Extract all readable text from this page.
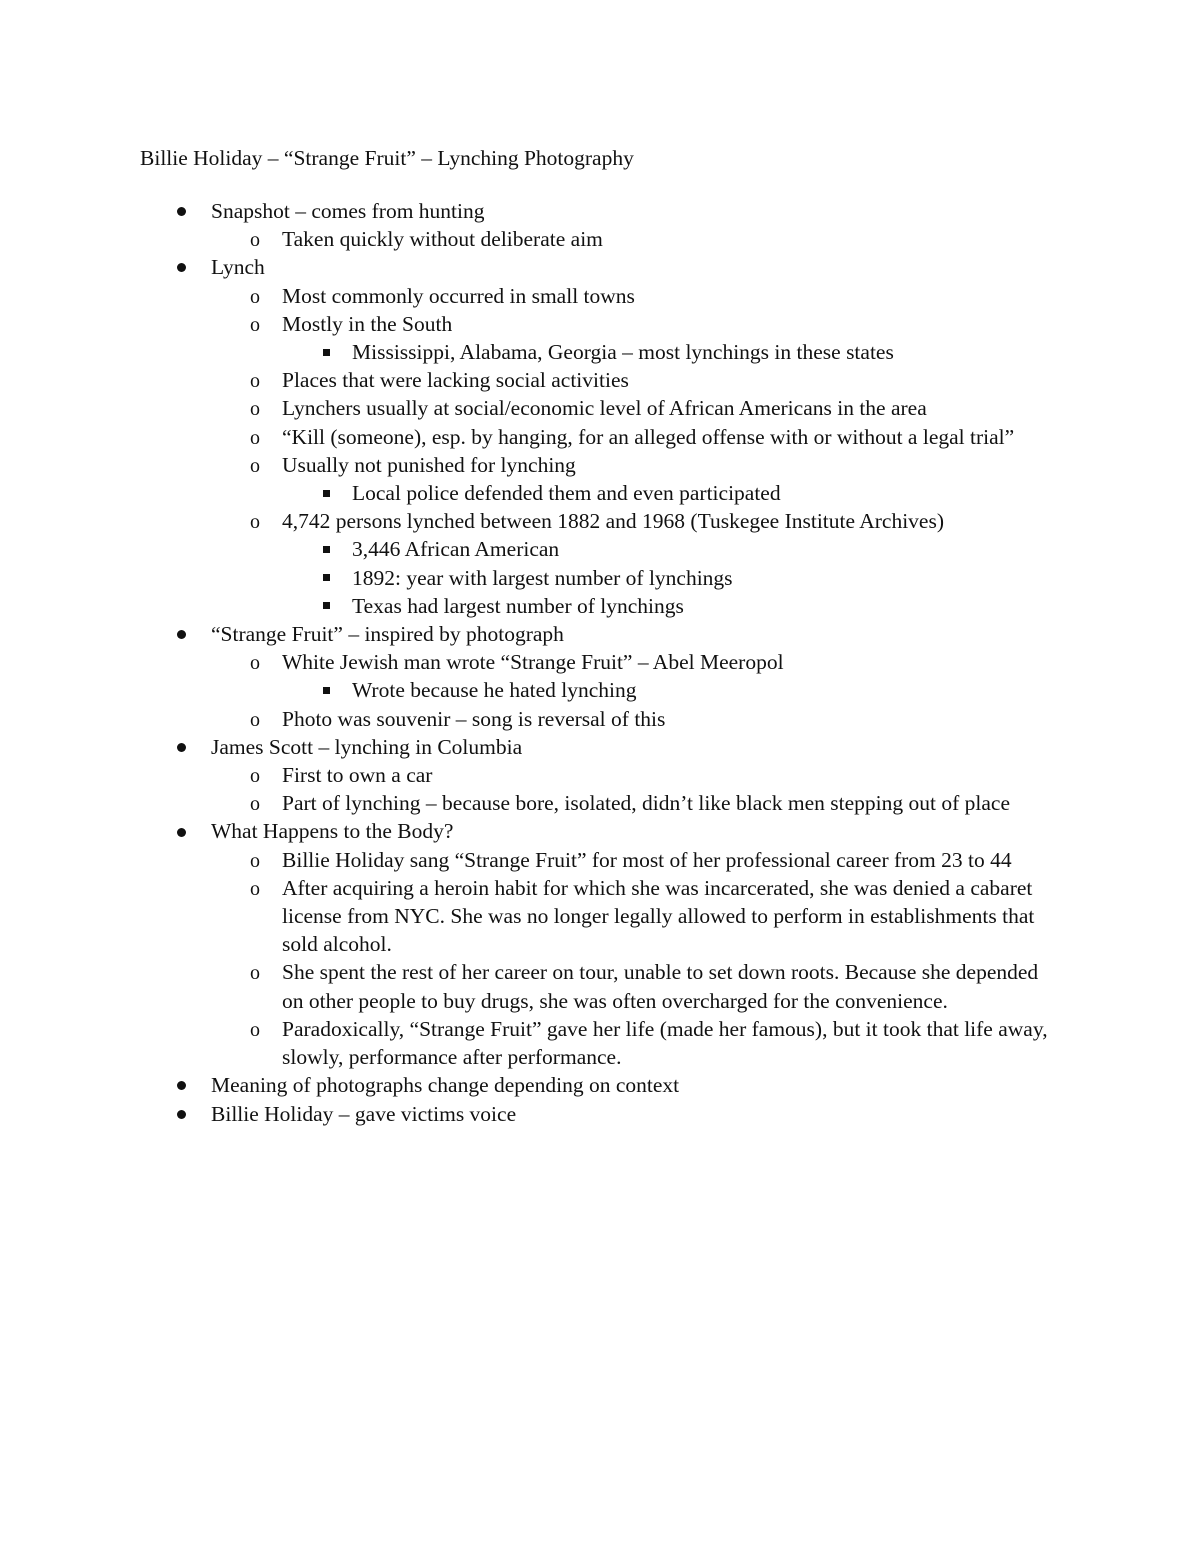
Billie Holiday – “Strange Fruit” – Lynching Photography
Snapshot – comes from hunting
o Taken quickly without deliberate aim
Lynch
o Most commonly occurred in small towns
o Mostly in the South
Mississippi, Alabama, Georgia – most lynchings in these states
o Places that were lacking social activities
o Lynchers usually at social/economic level of African Americans in the area
o “Kill (someone), esp. by hanging, for an alleged offense with or without a legal trial”
o Usually not punished for lynching
Local police defended them and even participated
o 4,742 persons lynched between 1882 and 1968 (Tuskegee Institute Archives)
3,446 African American
1892: year with largest number of lynchings
Texas had largest number of lynchings
“Strange Fruit” – inspired by photograph
o White Jewish man wrote “Strange Fruit” – Abel Meeropol
Wrote because he hated lynching
o Photo was souvenir – song is reversal of this
James Scott – lynching in Columbia
o First to own a car
o Part of lynching – because bore, isolated, didn’t like black men stepping out of place
What Happens to the Body?
o Billie Holiday sang “Strange Fruit” for most of her professional career from 23 to 44
o After acquiring a heroin habit for which she was incarcerated, she was denied a cabaret license from NYC. She was no longer legally allowed to perform in establishments that sold alcohol.
o She spent the rest of her career on tour, unable to set down roots. Because she depended on other people to buy drugs, she was often overcharged for the convenience.
o Paradoxically, “Strange Fruit” gave her life (made her famous), but it took that life away, slowly, performance after performance.
Meaning of photographs change depending on context
Billie Holiday – gave victims voice
